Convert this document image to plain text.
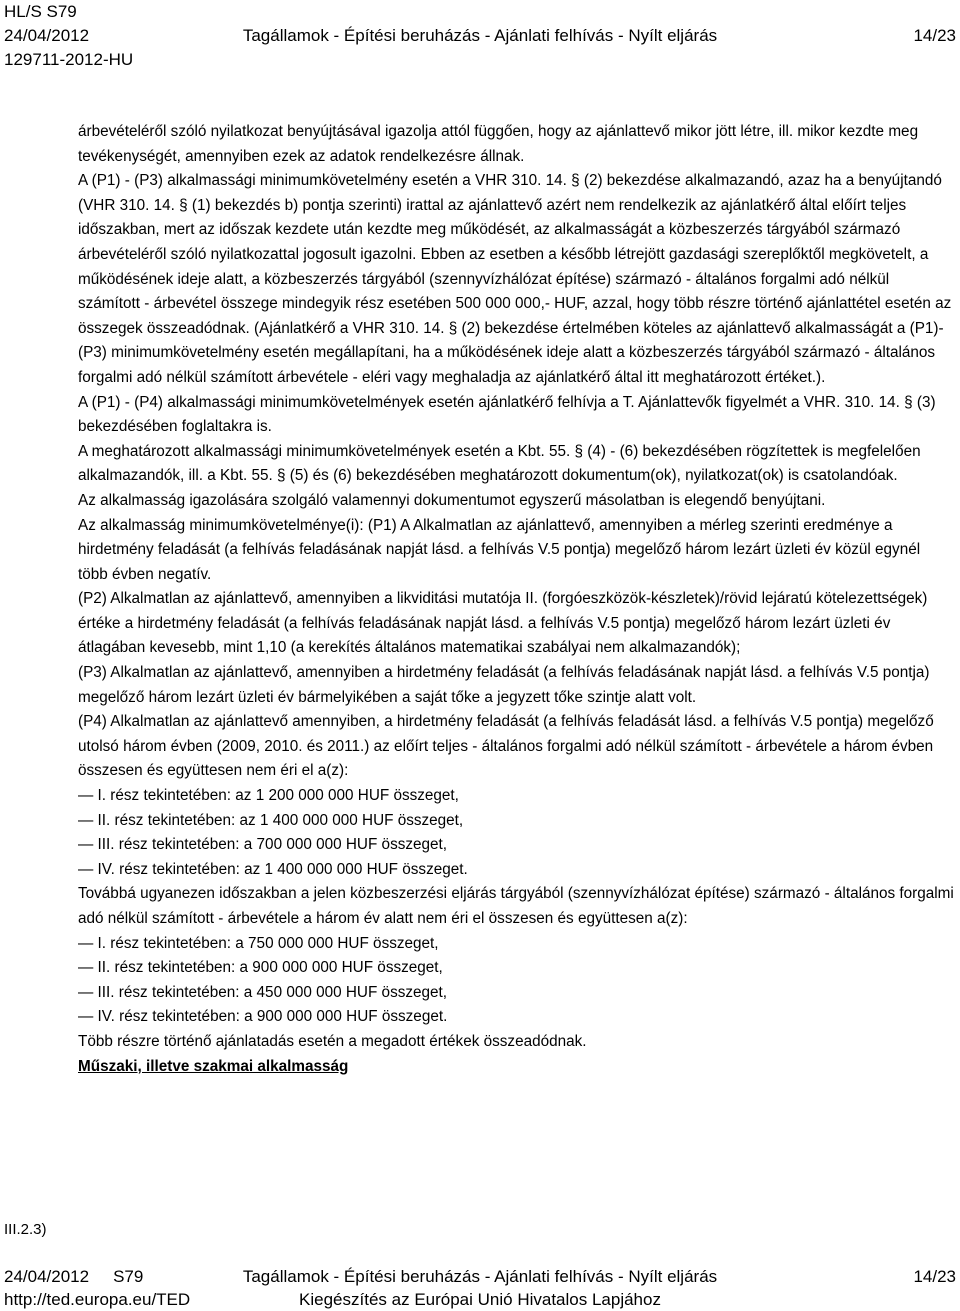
HL/S S79
24/04/2012
129711-2012-HU
Tagállamok - Építési beruházás - Ajánlati felhívás - Nyílt eljárás	14/23

árbevételéről szóló nyilatkozat benyújtásával igazolja attól függően, hogy az ajánlattevő mikor jött létre, ill. mikor kezdte meg tevékenységét, amennyiben ezek az adatok rendelkezésre állnak.

A (P1) - (P3) alkalmassági minimumkövetelmény esetén a VHR 310. 14. § (2) bekezdése alkalmazandó, azaz ha a benyújtandó (VHR 310. 14. § (1) bekezdés b) pontja szerinti) irattal az ajánlattevő azért nem rendelkezik az ajánlatkérő által előírt teljes időszakban, mert az időszak kezdete után kezdte meg működését, az alkalmasságát a közbeszerzés tárgyából származó árbevételéről szóló nyilatkozattal jogosult igazolni. Ebben az esetben a később létrejött gazdasági szereplőktől megkövetelt, a működésének ideje alatt, a közbeszerzés tárgyából (szennyvízhálózat építése) származó - általános forgalmi adó nélkül számított - árbevétel összege mindegyik rész esetében 500 000 000,- HUF, azzal, hogy több részre történő ajánlattétel esetén az összegek összeadódnak. (Ajánlatkérő a VHR 310. 14. § (2) bekezdése értelmében köteles az ajánlattevő alkalmasságát a (P1)-(P3) minimumkövetelmény esetén megállapítani, ha a működésének ideje alatt a közbeszerzés tárgyából származó - általános forgalmi adó nélkül számított árbevétele - eléri vagy meghaladja az ajánlatkérő által itt meghatározott értéket.).

A (P1) - (P4) alkalmassági minimumkövetelmények esetén ajánlatkérő felhívja a T. Ajánlattevők figyelmét a VHR. 310. 14. § (3) bekezdésében foglaltakra is.

A meghatározott alkalmassági minimumkövetelmények esetén a Kbt. 55. § (4) - (6) bekezdésében rögzítettek is megfelelően alkalmazandók, ill. a Kbt. 55. § (5) és (6) bekezdésében meghatározott dokumentum(ok), nyilatkozat(ok) is csatolandóak.

Az alkalmasság igazolására szolgáló valamennyi dokumentumot egyszerű másolatban is elegendő benyújtani.

Az alkalmasság minimumkövetelménye(i): (P1) A Alkalmatlan az ajánlattevő, amennyiben a mérleg szerinti eredménye a hirdetmény feladását (a felhívás feladásának napját lásd. a felhívás V.5 pontja) megelőző három lezárt üzleti év közül egynél több évben negatív.

(P2) Alkalmatlan az ajánlattevő, amennyiben a likviditási mutatója II. (forgóeszközök-készletek)/rövid lejáratú kötelezettségek) értéke a hirdetmény feladását (a felhívás feladásának napját lásd. a felhívás V.5 pontja) megelőző három lezárt üzleti év átlagában kevesebb, mint 1,10 (a kerekítés általános matematikai szabályai nem alkalmazandók);

(P3) Alkalmatlan az ajánlattevő, amennyiben a hirdetmény feladását (a felhívás feladásának napját lásd. a felhívás V.5 pontja) megelőző három lezárt üzleti év bármelyikében a saját tőke a jegyzett tőke szintje alatt volt.

(P4) Alkalmatlan az ajánlattevő amennyiben, a hirdetmény feladását (a felhívás feladását lásd. a felhívás V.5 pontja) megelőző utolsó három évben (2009, 2010. és 2011.) az előírt teljes - általános forgalmi adó nélkül számított - árbevétele a három évben összesen és együttesen nem éri el a(z):

— I. rész tekintetében: az 1 200 000 000 HUF összeget,

— II. rész tekintetében: az 1 400 000 000 HUF összeget,

— III. rész tekintetében: a 700 000 000 HUF összeget,

— IV. rész tekintetében: az 1 400 000 000 HUF összeget.

Továbbá ugyanezen időszakban a jelen közbeszerzési eljárás tárgyából (szennyvízhálózat építése) származó - általános forgalmi adó nélkül számított - árbevétele a három év alatt nem éri el összesen és együttesen a(z):

— I. rész tekintetében: a 750 000 000 HUF összeget,

— II. rész tekintetében: a 900 000 000 HUF összeget,

— III. rész tekintetében: a 450 000 000 HUF összeget,

— IV. rész tekintetében: a 900 000 000 HUF összeget.

Több részre történő ajánlatadás esetén a megadott értékek összeadódnak.

Műszaki, illetve szakmai alkalmasság

III.2.3)
24/04/2012 S79	Tagállamok - Építési beruházás - Ajánlati felhívás - Nyílt eljárás	14/23
http://ted.europa.eu/TED	Kiegészítés az Európai Unió Hivatalos Lapjához
